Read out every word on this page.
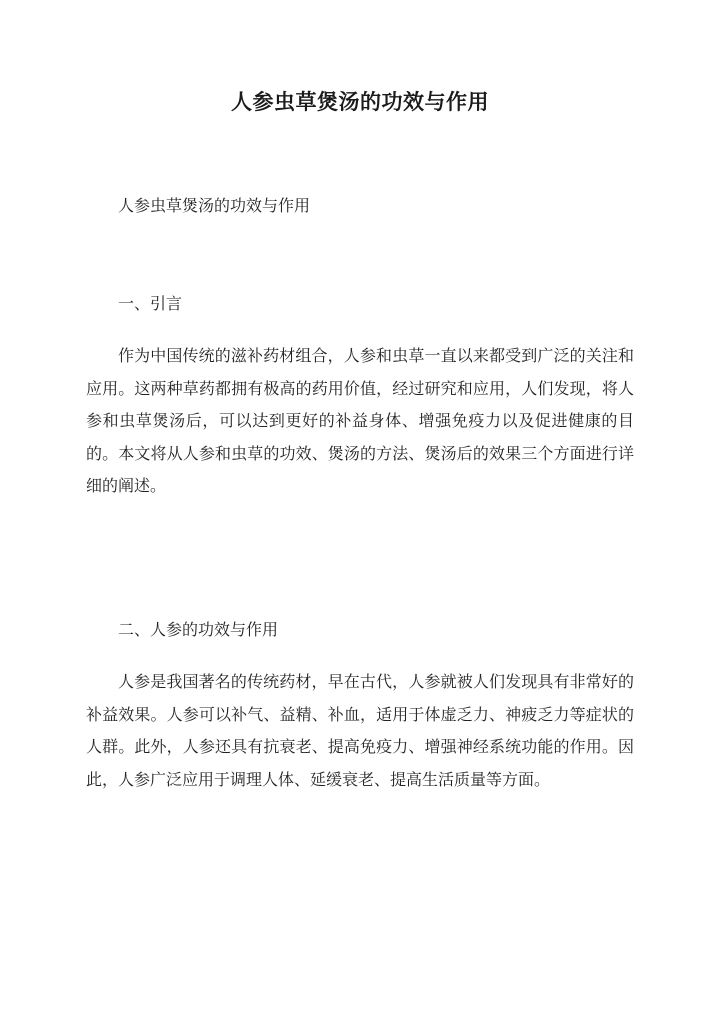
人参虫草煲汤的功效与作用
人参虫草煲汤的功效与作用
一、引言

作为中国传统的滋补药材组合，人参和虫草一直以来都受到广泛的关注和应用。这两种草药都拥有极高的药用价值，经过研究和应用，人们发现，将人参和虫草煲汤后，可以达到更好的补益身体、增强免疫力以及促进健康的目的。本文将从人参和虫草的功效、煲汤的方法、煲汤后的效果三个方面进行详细的阐述。

二、人参的功效与作用

人参是我国著名的传统药材，早在古代，人参就被人们发现具有非常好的补益效果。人参可以补气、益精、补血，适用于体虚乏力、神疲乏力等症状的人群。此外，人参还具有抗衰老、提高免疫力、增强神经系统功能的作用。因此，人参广泛应用于调理人体、延缓衰老、提高生活质量等方面。
